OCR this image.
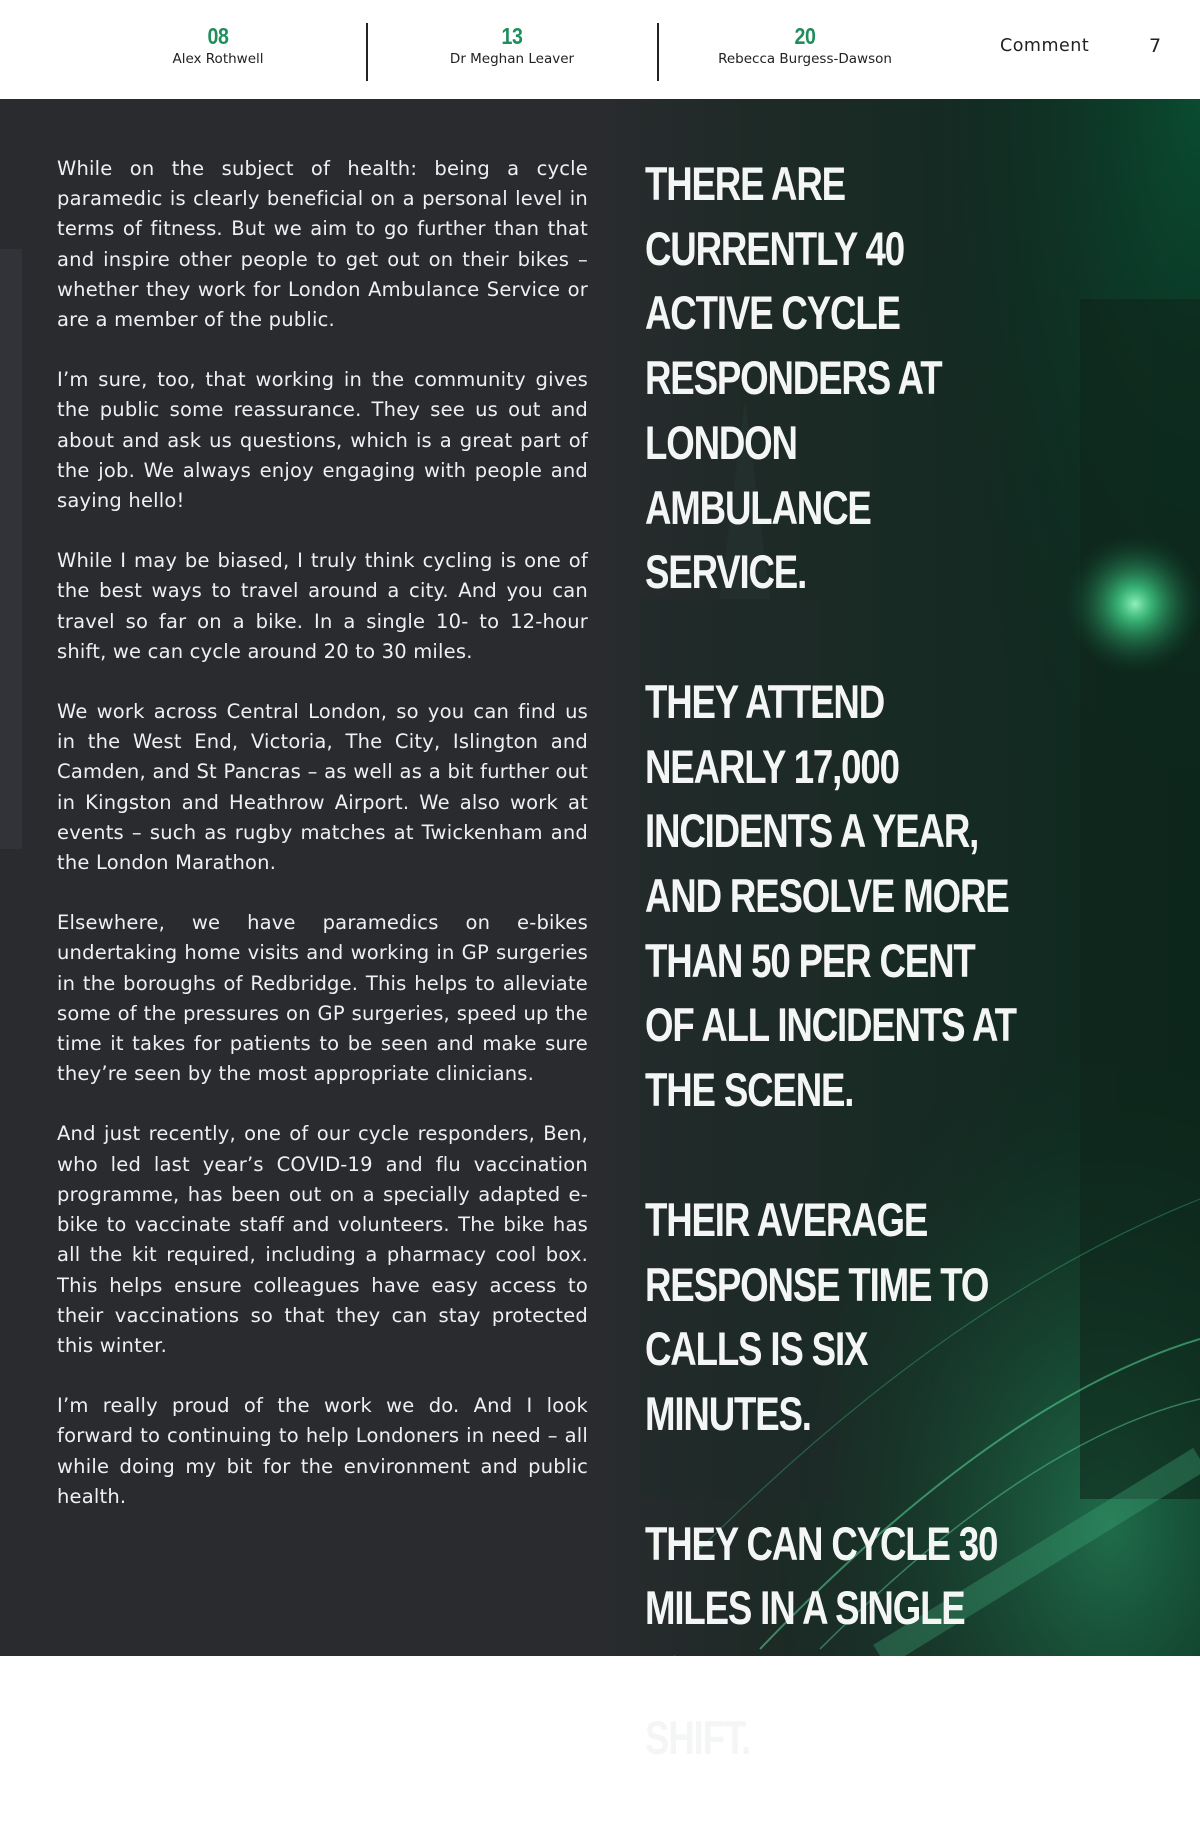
08
Alex Rothwell
13
Dr Meghan Leaver
20
Rebecca Burgess-Dawson
Comment	7

While on the subject of health: being a cycle paramedic is clearly beneficial on a personal level in terms of fitness. But we aim to go further than that and inspire other people to get out on their bikes – whether they work for London Ambulance Service or are a member of the public.

I’m sure, too, that working in the community gives the public some reassurance. They see us out and about and ask us questions, which is a great part of the job. We always enjoy engaging with people and saying hello!

While I may be biased, I truly think cycling is one of the best ways to travel around a city. And you can travel so far on a bike. In a single 10- to 12-hour shift, we can cycle around 20 to 30 miles.

We work across Central London, so you can find us in the West End, Victoria, The City, Islington and Camden, and St Pancras – as well as a bit further out in Kingston and Heathrow Airport. We also work at events – such as rugby matches at Twickenham and the London Marathon.

Elsewhere, we have paramedics on e-bikes undertaking home visits and working in GP surgeries in the boroughs of Redbridge. This helps to alleviate some of the pressures on GP surgeries, speed up the time it takes for patients to be seen and make sure they’re seen by the most appropriate clinicians.

And just recently, one of our cycle responders, Ben, who led last year’s COVID-19 and flu vaccination programme, has been out on a specially adapted e-bike to vaccinate staff and volunteers. The bike has all the kit required, including a pharmacy cool box. This helps ensure colleagues have easy access to their vaccinations so that they can stay protected this winter.

I’m really proud of the work we do. And I look forward to continuing to help Londoners in need – all while doing my bit for the environment and public health.

THERE ARE CURRENTLY 40 ACTIVE CYCLE RESPONDERS AT LONDON AMBULANCE SERVICE.
THEY ATTEND NEARLY 17,000 INCIDENTS A YEAR, AND RESOLVE MORE THAN 50 PER CENT OF ALL INCIDENTS AT THE SCENE.
THEIR AVERAGE RESPONSE TIME TO CALLS IS SIX MINUTES.
THEY CAN CYCLE 30 MILES IN A SINGLE SHIFT.
